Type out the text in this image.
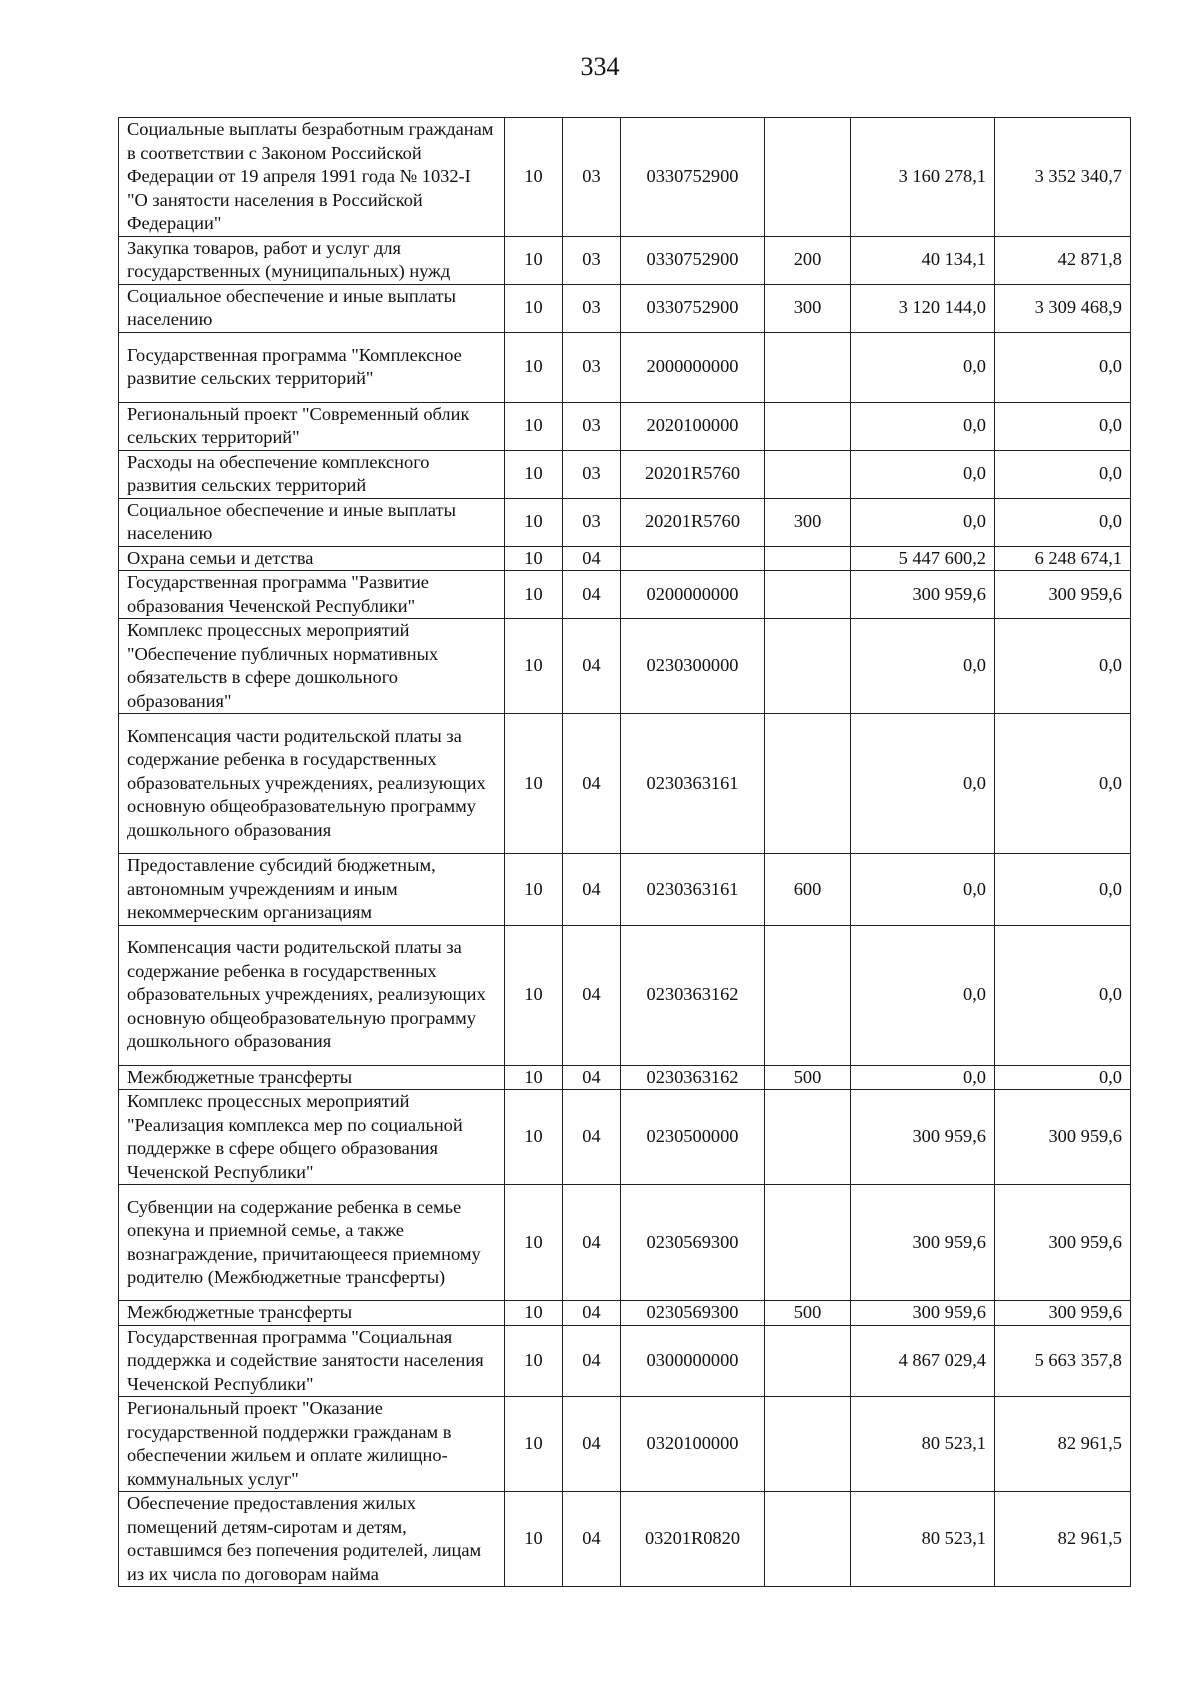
334
Социальные выплаты безработным гражданам в соответствии с Законом Российской Федерации от 19 апреля 1991 года № 1032-I "О занятости населения в Российской Федерации"	10	03	0330752900		3 160 278,1	3 352 340,7
Закупка товаров, работ и услуг для государственных (муниципальных) нужд	10	03	0330752900	200	40 134,1	42 871,8
Социальное обеспечение и иные выплаты населению	10	03	0330752900	300	3 120 144,0	3 309 468,9
Государственная программа "Комплексное развитие сельских территорий"	10	03	2000000000		0,0	0,0
Региональный проект "Современный облик сельских территорий"	10	03	2020100000		0,0	0,0
Расходы на обеспечение комплексного развития сельских территорий	10	03	20201R5760		0,0	0,0
Социальное обеспечение и иные выплаты населению	10	03	20201R5760	300	0,0	0,0
Охрана семьи и детства	10	04			5 447 600,2	6 248 674,1
Государственная программа "Развитие образования Чеченской Республики"	10	04	0200000000		300 959,6	300 959,6
Комплекс процессных мероприятий "Обеспечение публичных нормативных обязательств в сфере дошкольного образования"	10	04	0230300000		0,0	0,0
Компенсация части родительской платы за содержание ребенка в государственных образовательных учреждениях, реализующих основную общеобразовательную программу дошкольного образования	10	04	0230363161		0,0	0,0
Предоставление субсидий бюджетным, автономным учреждениям и иным некоммерческим организациям	10	04	0230363161	600	0,0	0,0
Компенсация части родительской платы за содержание ребенка в государственных образовательных учреждениях, реализующих основную общеобразовательную программу дошкольного образования	10	04	0230363162		0,0	0,0
Межбюджетные трансферты	10	04	0230363162	500	0,0	0,0
Комплекс процессных мероприятий "Реализация комплекса мер по социальной поддержке в сфере общего образования Чеченской Республики"	10	04	0230500000		300 959,6	300 959,6
Субвенции на содержание ребенка в семье опекуна и приемной семье, а также вознаграждение, причитающееся приемному родителю (Межбюджетные трансферты)	10	04	0230569300		300 959,6	300 959,6
Межбюджетные трансферты	10	04	0230569300	500	300 959,6	300 959,6
Государственная программа "Социальная поддержка и содействие занятости населения Чеченской Республики"	10	04	0300000000		4 867 029,4	5 663 357,8
Региональный проект "Оказание государственной поддержки гражданам в обеспечении жильем и оплате жилищно-коммунальных услуг"	10	04	0320100000		80 523,1	82 961,5
Обеспечение предоставления жилых помещений детям-сиротам и детям, оставшимся без попечения родителей, лицам из их числа по договорам найма	10	04	03201R0820		80 523,1	82 961,5
